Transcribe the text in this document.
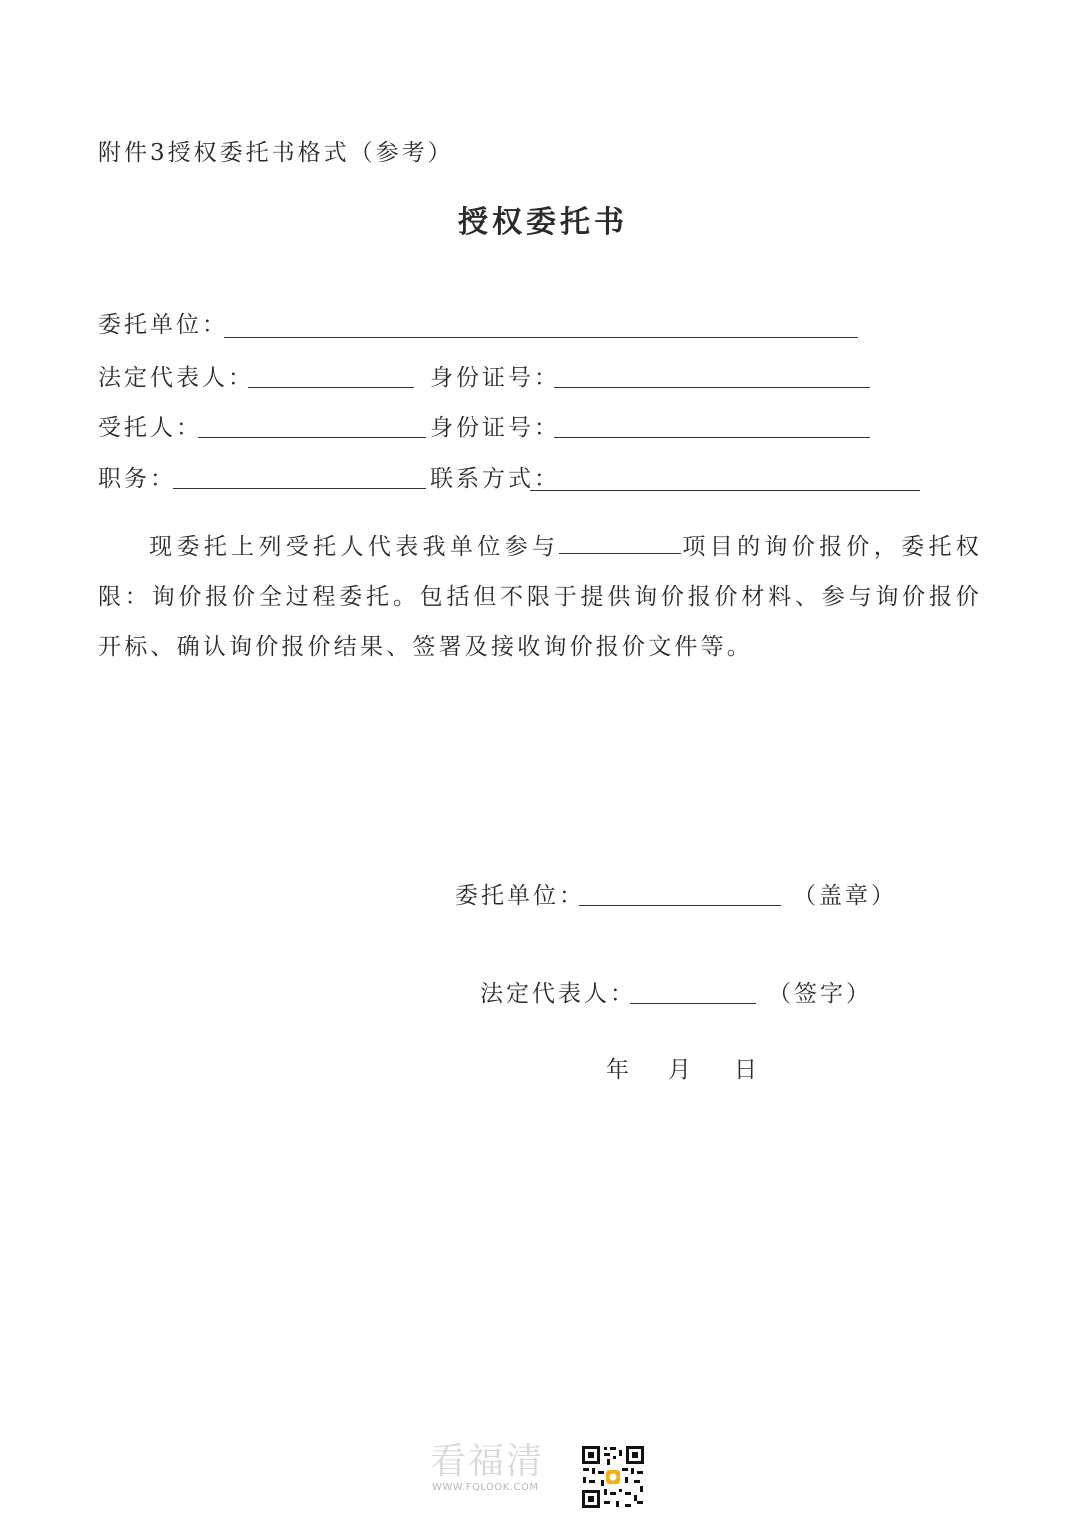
附件3授权委托书格式（参考）
授权委托书
委托单位：
法定代表人：	身份证号：
受托人：	身份证号：
职务：	联系方式：
现委托上列受托人代表我单位参与	项目的询价报价，委托权限：询价报价全过程委托。包括但不限于提供询价报价材料、参与询价报价开标、确认询价报价结果、签署及接收询价报价文件等。
委托单位：	（盖章）
法定代表人：	（签字）
年 月 日
看福清
WWW.FQLOOK.COM
